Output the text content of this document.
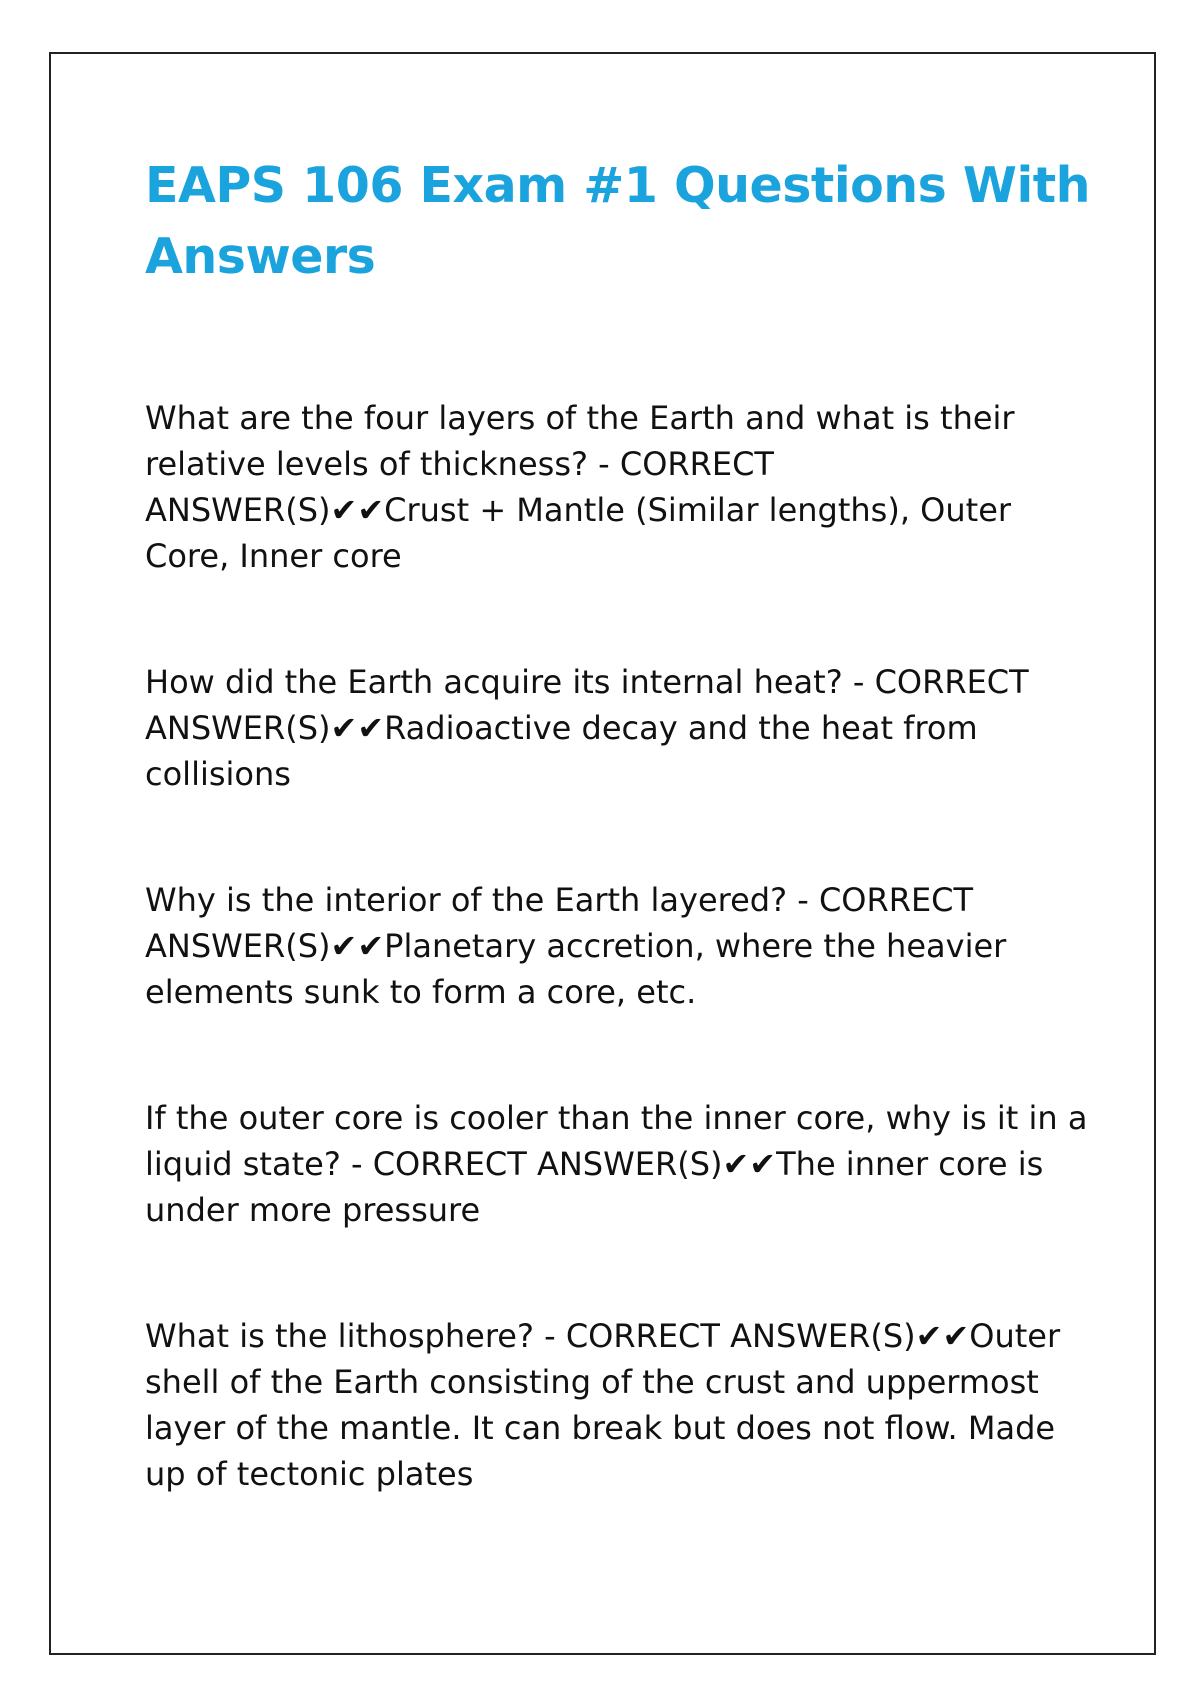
EAPS 106 Exam #1 Questions With Answers

What are the four layers of the Earth and what is their relative levels of thickness? - CORRECT ANSWER(S)✔✔Crust + Mantle (Similar lengths), Outer Core, Inner core

How did the Earth acquire its internal heat? - CORRECT ANSWER(S)✔✔Radioactive decay and the heat from collisions

Why is the interior of the Earth layered? - CORRECT ANSWER(S)✔✔Planetary accretion, where the heavier elements sunk to form a core, etc.

If the outer core is cooler than the inner core, why is it in a liquid state? - CORRECT ANSWER(S)✔✔The inner core is under more pressure

What is the lithosphere? - CORRECT ANSWER(S)✔✔Outer shell of the Earth consisting of the crust and uppermost layer of the mantle. It can break but does not flow. Made up of tectonic plates
